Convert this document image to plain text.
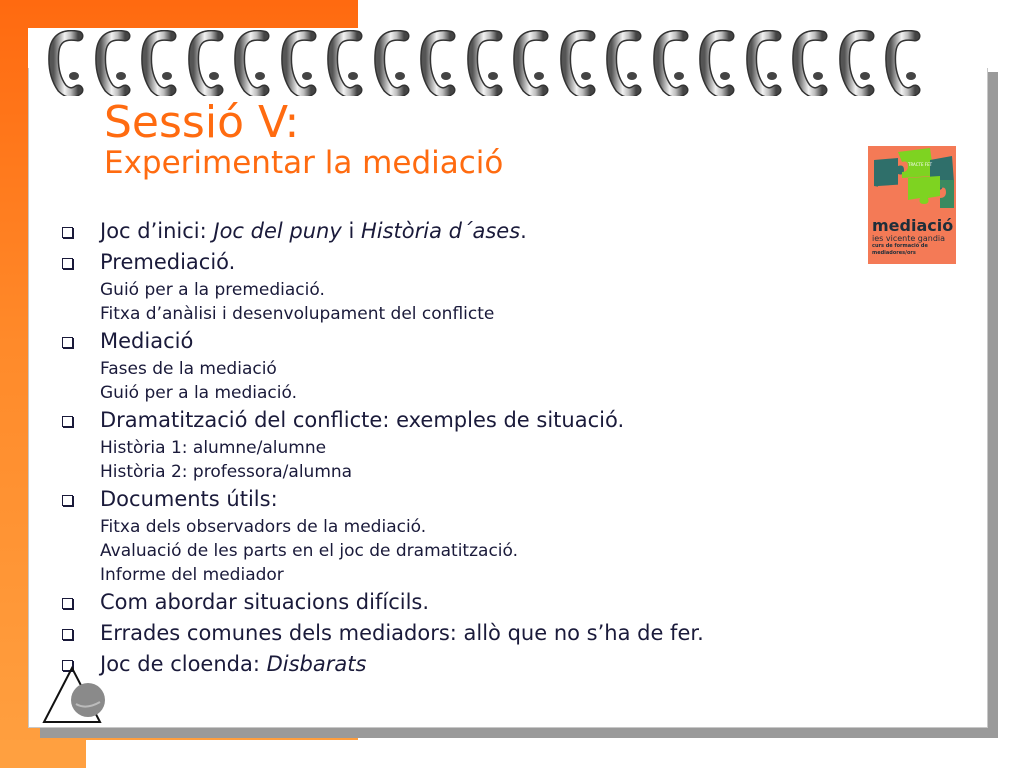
Sessió V:
Experimentar la mediació	TRACTE FET
mediació
ies vicente gandia
curs de formació de mediadores/ors
Joc d’inici: Joc del puny i Història d´ases.
Premediació.
Guió per a la premediació.
Fitxa d’anàlisi i desenvolupament del conflicte
Mediació
Fases de la mediació
Guió per a la mediació.
Dramatització del conflicte: exemples de situació.
Història 1: alumne/alumne
Història 2: professora/alumna
Documents útils:
Fitxa dels observadors de la mediació.
Avaluació de les parts en el joc de dramatització.
Informe del mediador
Com abordar situacions difícils.
Errades comunes dels mediadors: allò que no s’ha de fer.
Joc de cloenda: Disbarats
